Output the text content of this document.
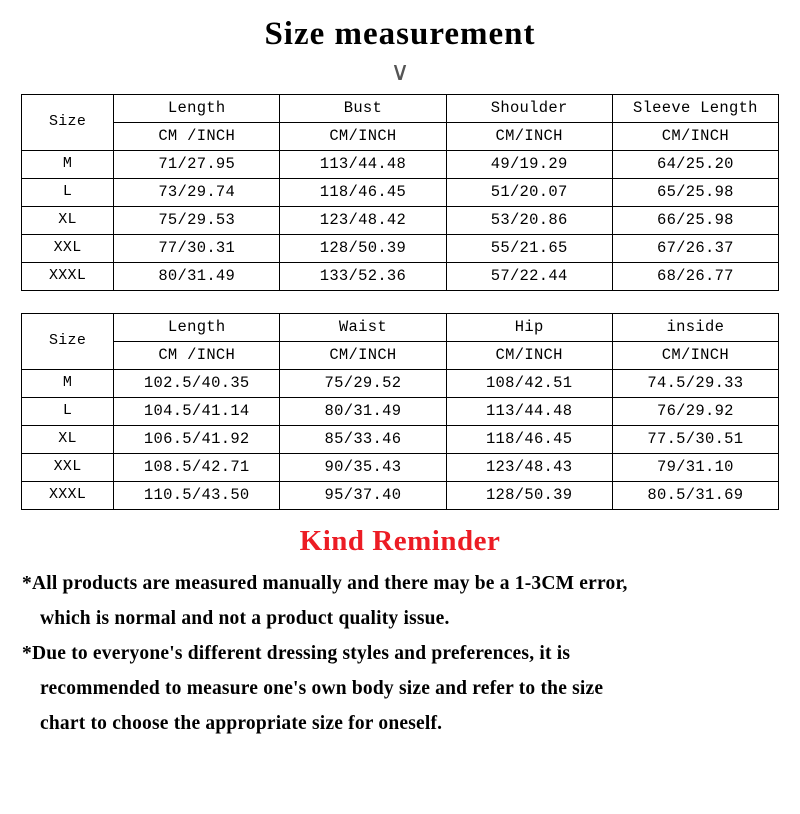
Size measurement
∨
Size	Length	Bust	Shoulder	Sleeve Length
	CM /INCH	CM/INCH	CM/INCH	CM/INCH
M	71/27.95	113/44.48	49/19.29	64/25.20
L	73/29.74	118/46.45	51/20.07	65/25.98
XL	75/29.53	123/48.42	53/20.86	66/25.98
XXL	77/30.31	128/50.39	55/21.65	67/26.37
XXXL	80/31.49	133/52.36	57/22.44	68/26.77
Size	Length	Waist	Hip	inside
	CM /INCH	CM/INCH	CM/INCH	CM/INCH
M	102.5/40.35	75/29.52	108/42.51	74.5/29.33
L	104.5/41.14	80/31.49	113/44.48	76/29.92
XL	106.5/41.92	85/33.46	118/46.45	77.5/30.51
XXL	108.5/42.71	90/35.43	123/48.43	79/31.10
XXXL	110.5/43.50	95/37.40	128/50.39	80.5/31.69
Kind Reminder
*All products are measured manually and there may be a 1-3CM error,
which is normal and not a product quality issue.
*Due to everyone's different dressing styles and preferences, it is
recommended to measure one's own body size and refer to the size
chart to choose the appropriate size for oneself.
